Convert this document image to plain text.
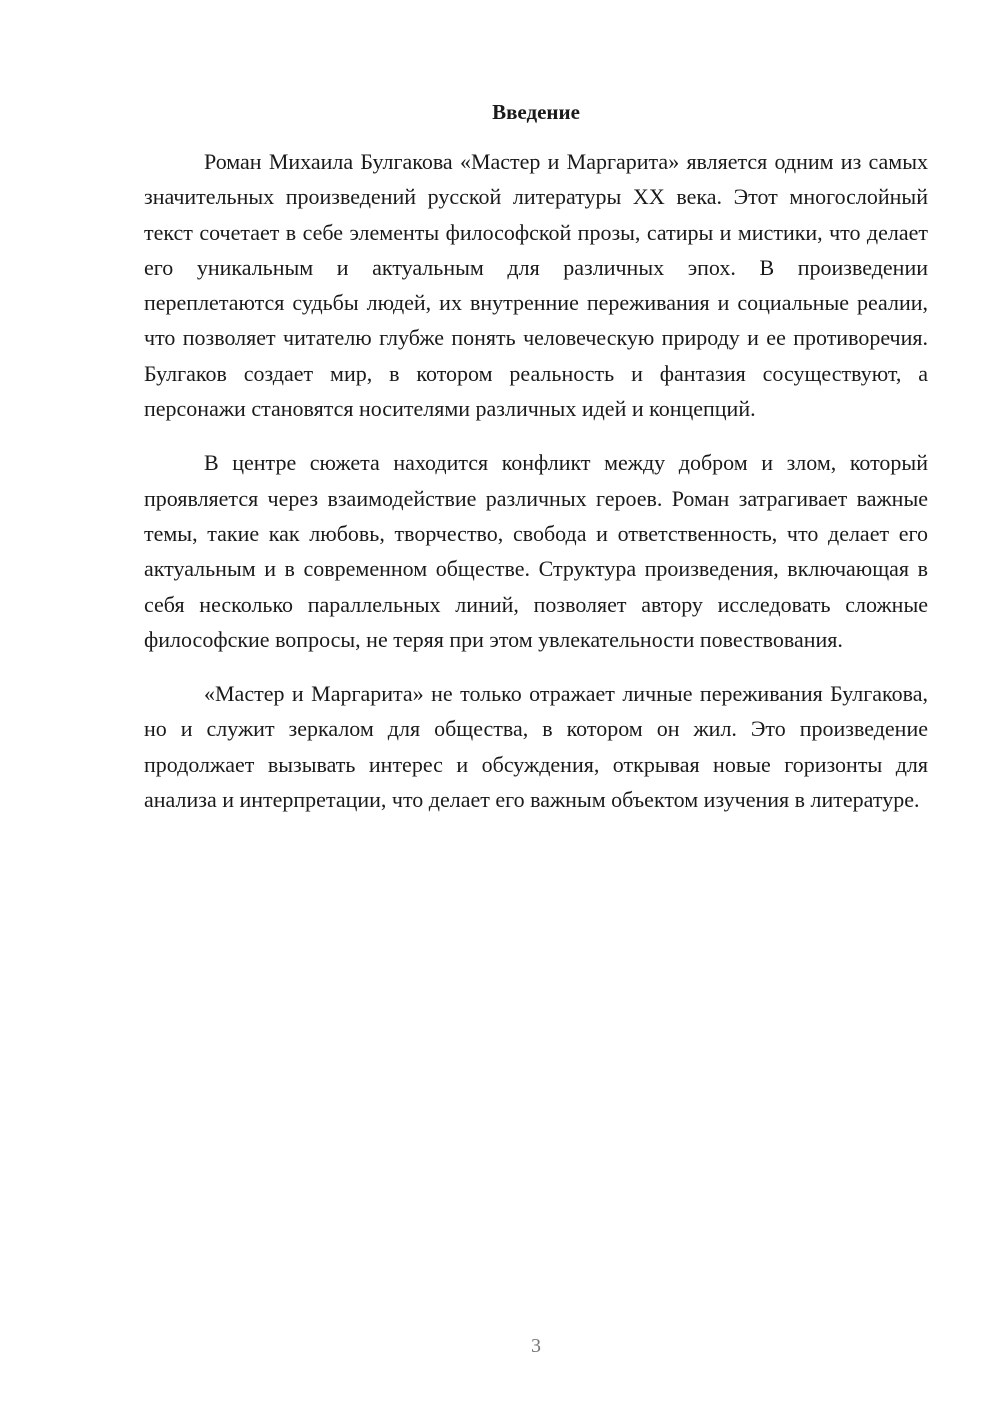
Введение

Роман Михаила Булгакова «Мастер и Маргарита» является одним из самых значительных произведений русской литературы XX века. Этот многослойный текст сочетает в себе элементы философской прозы, сатиры и мистики, что делает его уникальным и актуальным для различных эпох. В произведении переплетаются судьбы людей, их внутренние переживания и социальные реалии, что позволяет читателю глубже понять человеческую природу и ее противоречия. Булгаков создает мир, в котором реальность и фантазия сосуществуют, а персонажи становятся носителями различных идей и концепций.

В центре сюжета находится конфликт между добром и злом, который проявляется через взаимодействие различных героев. Роман затрагивает важные темы, такие как любовь, творчество, свобода и ответственность, что делает его актуальным и в современном обществе. Структура произведения, включающая в себя несколько параллельных линий, позволяет автору исследовать сложные философские вопросы, не теряя при этом увлекательности повествования.

«Мастер и Маргарита» не только отражает личные переживания Булгакова, но и служит зеркалом для общества, в котором он жил. Это произведение продолжает вызывать интерес и обсуждения, открывая новые горизонты для анализа и интерпретации, что делает его важным объектом изучения в литературе.

3
